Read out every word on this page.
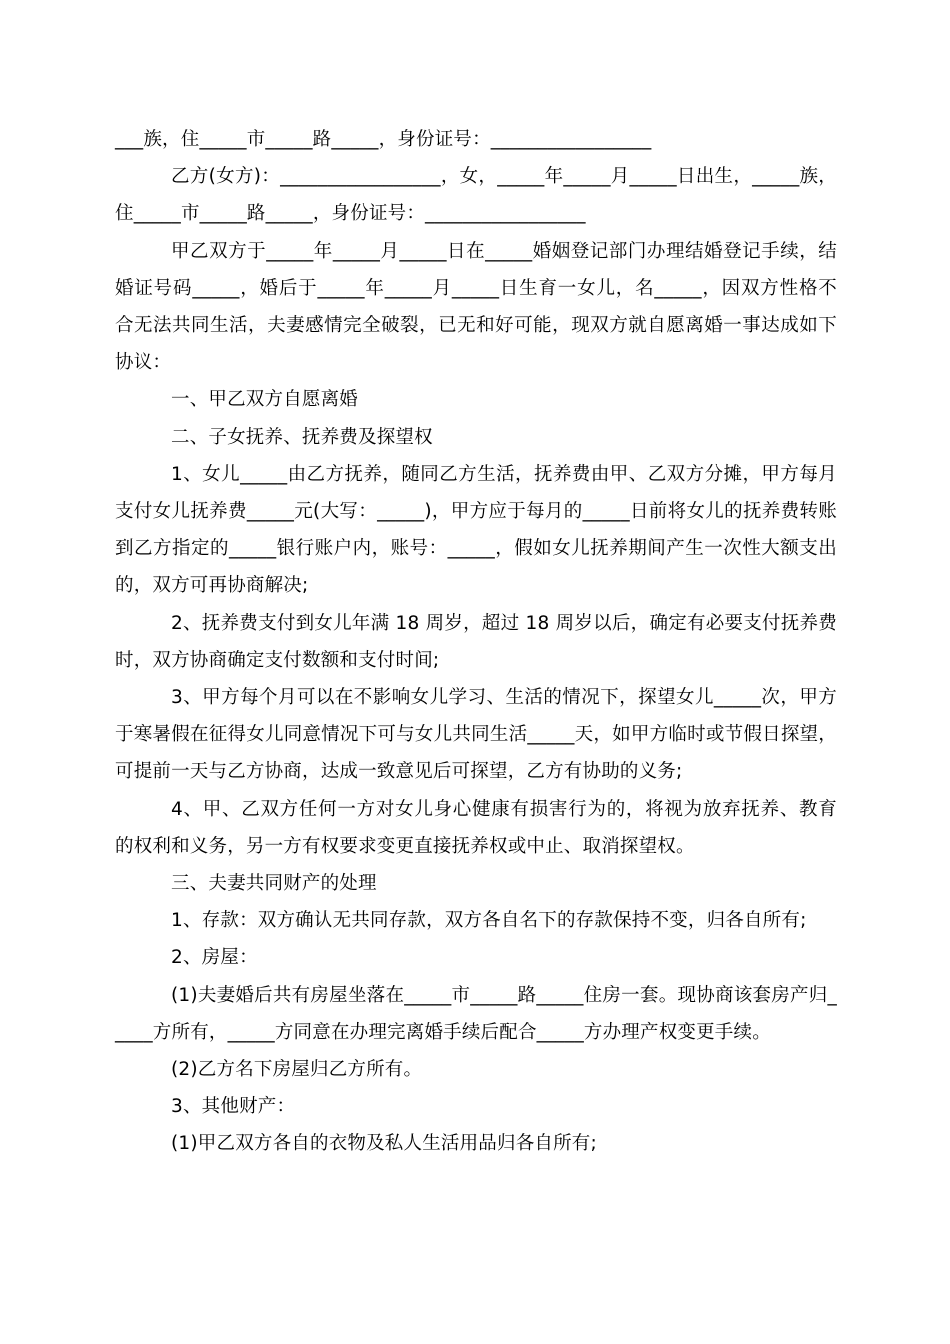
___族，住_____市_____路_____，身份证号：_________________

乙方(女方)：_________________，女，_____年_____月_____日出生，_____族，住_____市_____路_____，身份证号：_________________

甲乙双方于_____年_____月_____日在_____婚姻登记部门办理结婚登记手续，结婚证号码_____，婚后于_____年_____月_____日生育一女儿，名_____，因双方性格不合无法共同生活，夫妻感情完全破裂，已无和好可能，现双方就自愿离婚一事达成如下协议：

一、甲乙双方自愿离婚

二、子女抚养、抚养费及探望权

1、女儿_____由乙方抚养，随同乙方生活，抚养费由甲、乙双方分摊，甲方每月支付女儿抚养费_____元(大写：_____)，甲方应于每月的_____日前将女儿的抚养费转账到乙方指定的_____银行账户内，账号：_____，假如女儿抚养期间产生一次性大额支出的，双方可再协商解决;

2、抚养费支付到女儿年满 18 周岁，超过 18 周岁以后，确定有必要支付抚养费时，双方协商确定支付数额和支付时间;

3、甲方每个月可以在不影响女儿学习、生活的情况下，探望女儿_____次，甲方于寒暑假在征得女儿同意情况下可与女儿共同生活_____天，如甲方临时或节假日探望，可提前一天与乙方协商，达成一致意见后可探望，乙方有协助的义务;

4、甲、乙双方任何一方对女儿身心健康有损害行为的，将视为放弃抚养、教育的权利和义务，另一方有权要求变更直接抚养权或中止、取消探望权。

三、夫妻共同财产的处理

1、存款：双方确认无共同存款，双方各自名下的存款保持不变，归各自所有;

2、房屋：

(1)夫妻婚后共有房屋坐落在_____市_____路_____住房一套。现协商该套房产归_____方所有，_____方同意在办理完离婚手续后配合_____方办理产权变更手续。

(2)乙方名下房屋归乙方所有。

3、其他财产：

(1)甲乙双方各自的衣物及私人生活用品归各自所有;
